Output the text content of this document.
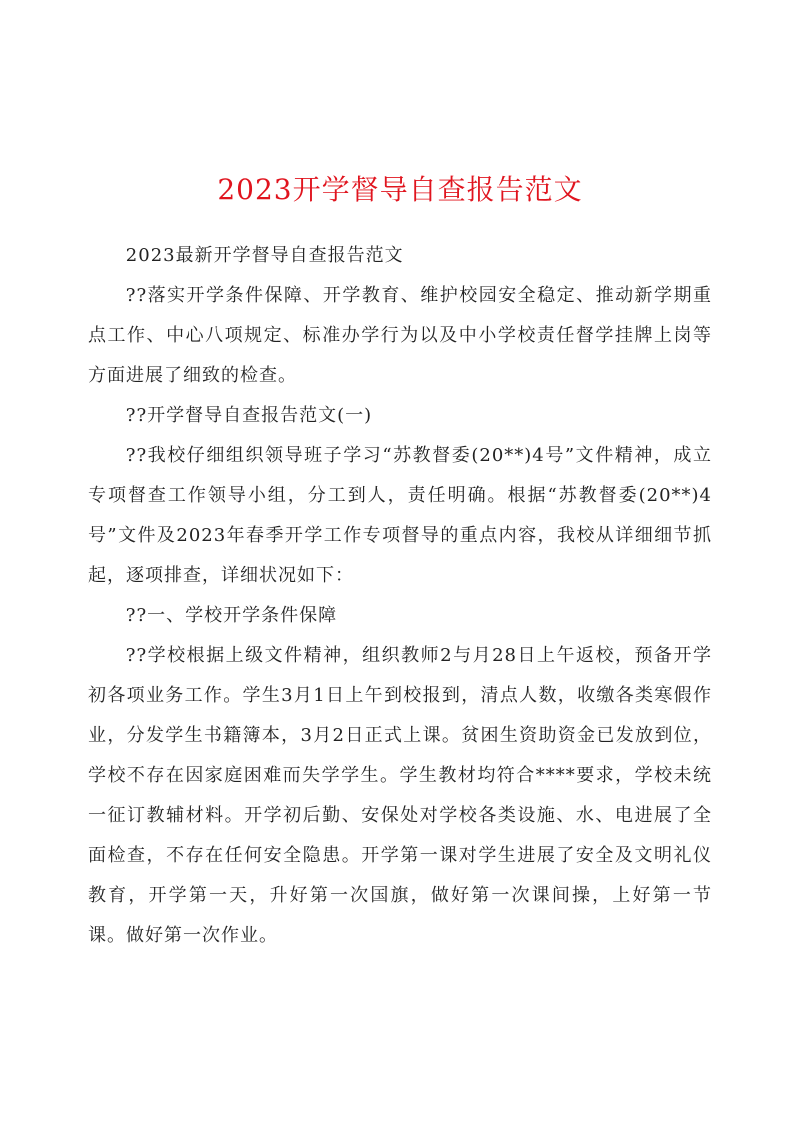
2023开学督导自查报告范文

2023最新开学督导自查报告范文

??落实开学条件保障、开学教育、维护校园安全稳定、推动新学期重点工作、中心八项规定、标准办学行为以及中小学校责任督学挂牌上岗等方面进展了细致的检查。

??开学督导自查报告范文(一)

??我校仔细组织领导班子学习“苏教督委(20**)4号”文件精神，成立专项督查工作领导小组，分工到人，责任明确。根据“苏教督委(20**)4号”文件及2023年春季开学工作专项督导的重点内容，我校从详细细节抓起，逐项排查，详细状况如下：

??一、学校开学条件保障

??学校根据上级文件精神，组织教师2与月28日上午返校，预备开学初各项业务工作。学生3月1日上午到校报到，清点人数，收缴各类寒假作业，分发学生书籍簿本，3月2日正式上课。贫困生资助资金已发放到位，学校不存在因家庭困难而失学学生。学生教材均符合****要求，学校未统一征订教辅材料。开学初后勤、安保处对学校各类设施、水、电进展了全面检查，不存在任何安全隐患。开学第一课对学生进展了安全及文明礼仪教育，开学第一天，升好第一次国旗，做好第一次课间操，上好第一节课。做好第一次作业。
